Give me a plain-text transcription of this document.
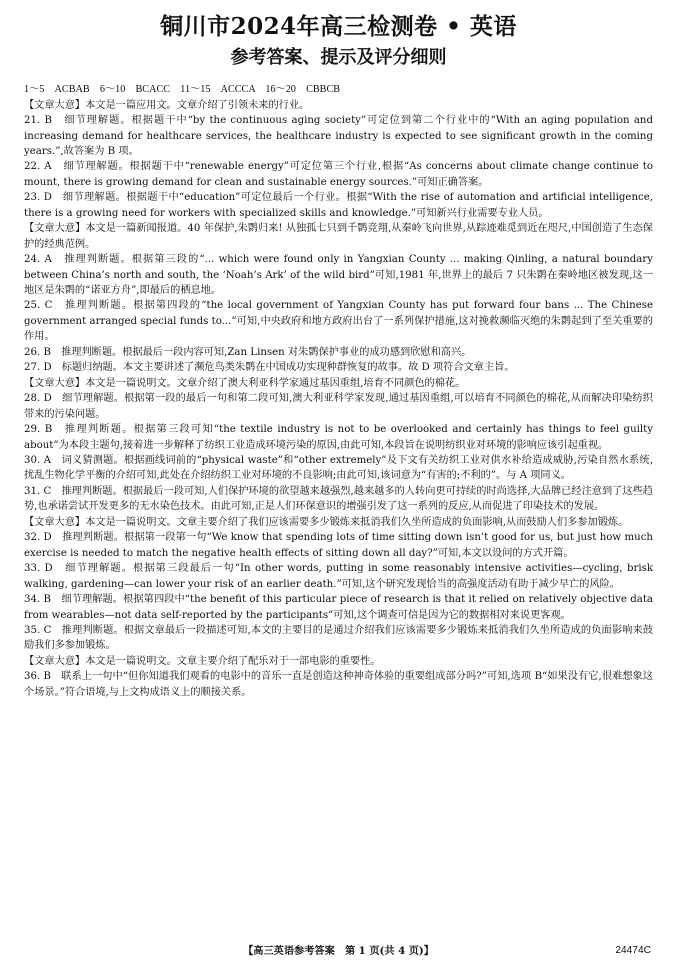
铜川市2024年高三检测卷 • 英语
参考答案、提示及评分细则

1～5　ACBAB　6～10　BCACC　11～15　ACCCA　16～20　CBBCB

【文章大意】本文是一篇应用文。文章介绍了引领未来的行业。

21. B　细节理解题。根据题干中“by the continuous aging society”可定位到第二个行业中的“With an aging population and increasing demand for healthcare services, the healthcare industry is expected to see significant growth in the coming years.”,故答案为 B 项。

22. A　细节理解题。根据题干中“renewable energy”可定位第三个行业,根据“As concerns about climate change continue to mount, there is growing demand for clean and sustainable energy sources.”可知正确答案。

23. D　细节理解题。根据题干中“education”可定位最后一个行业。根据“With the rise of automation and artificial intelligence, there is a growing need for workers with specialized skills and knowledge.”可知新兴行业需要专业人员。

【文章大意】本文是一篇新闻报道。40 年保护,朱鹮归来! 从独孤七只到千鹮竞翔,从秦岭飞向世界,从踪迹难觅到近在咫尺,中国创造了生态保护的经典范例。

24. A　推理判断题。根据第三段的“... which were found only in Yangxian County ... making Qinling, a natural boundary between China’s north and south, the ‘Noah’s Ark’ of the wild bird”可知,1981 年,世界上的最后 7 只朱鹮在秦岭地区被发现,这一地区是朱鹮的“诺亚方舟”,即最后的栖息地。

25. C　推理判断题。根据第四段的“the local government of Yangxian County has put forward four bans ... The Chinese government arranged special funds to...”可知,中央政府和地方政府出台了一系列保护措施,这对挽救濒临灭绝的朱鹮起到了至关重要的作用。

26. B　推理判断题。根据最后一段内容可知,Zan Linsen 对朱鹮保护事业的成功感到欣慰和高兴。

27. D　标题归纳题。本文主要讲述了濒危鸟类朱鹮在中国成功实现种群恢复的故事。故 D 项符合文章主旨。

【文章大意】本文是一篇说明文。文章介绍了澳大利亚科学家通过基因重组,培育不同颜色的棉花。

28. D　细节理解题。根据第一段的最后一句和第二段可知,澳大利亚科学家发现,通过基因重组,可以培育不同颜色的棉花,从而解决印染纺织带来的污染问题。

29. B　推理判断题。根据第三段可知“the textile industry is not to be overlooked and certainly has things to feel guilty about”为本段主题句,接着进一步解释了纺织工业造成环境污染的原因,由此可知,本段旨在说明纺织业对环境的影响应该引起重视。

30. A　词义猜测题。根据画线词前的“physical waste”和“other extremely”及下文有关纺织工业对供水补给造成威胁,污染自然水系统,扰乱生物化学平衡的介绍可知,此处在介绍纺织工业对环境的不良影响;由此可知,该词意为“有害的;不利的”。与 A 项同义。

31. C　推理判断题。根据最后一段可知,人们保护环境的欲望越来越强烈,越来越多的人转向更可持续的时尚选择,大品牌已经注意到了这些趋势,也承诺尝试开发更多的无水染色技术。由此可知,正是人们环保意识的增强引发了这一系列的反应,从而促进了印染技术的发展。

【文章大意】本文是一篇说明文。文章主要介绍了我们应该需要多少锻炼来抵消我们久坐所造成的负面影响,从而鼓励人们多参加锻炼。

32. D　推理判断题。根据第一段第一句“We know that spending lots of time sitting down isn’t good for us, but just how much exercise is needed to match the negative health effects of sitting down all day?”可知,本文以设问的方式开篇。

33. D　细节理解题。根据第三段最后一句“In other words, putting in some reasonably intensive activities—cycling, brisk walking, gardening—can lower your risk of an earlier death.”可知,这个研究发现恰当的高强度活动有助于减少早亡的风险。

34. B　细节理解题。根据第四段中“the benefit of this particular piece of research is that it relied on relatively objective data from wearables—not data self-reported by the participants”可知,这个调查可信是因为它的数据相对来说更客观。

35. C　推理判断题。根据文章最后一段描述可知,本文的主要目的是通过介绍我们应该需要多少锻炼来抵消我们久坐所造成的负面影响来鼓励我们多参加锻炼。

【文章大意】本文是一篇说明文。文章主要介绍了配乐对于一部电影的重要性。

36. B　联系上一句中“但你知道我们观看的电影中的音乐一直是创造这种神奇体验的重要组成部分吗?”可知,选项 B“如果没有它,很难想象这个场景。”符合语境,与上文构成语义上的顺接关系。

【高三英语参考答案　第 1 页(共 4 页)】	24474C
